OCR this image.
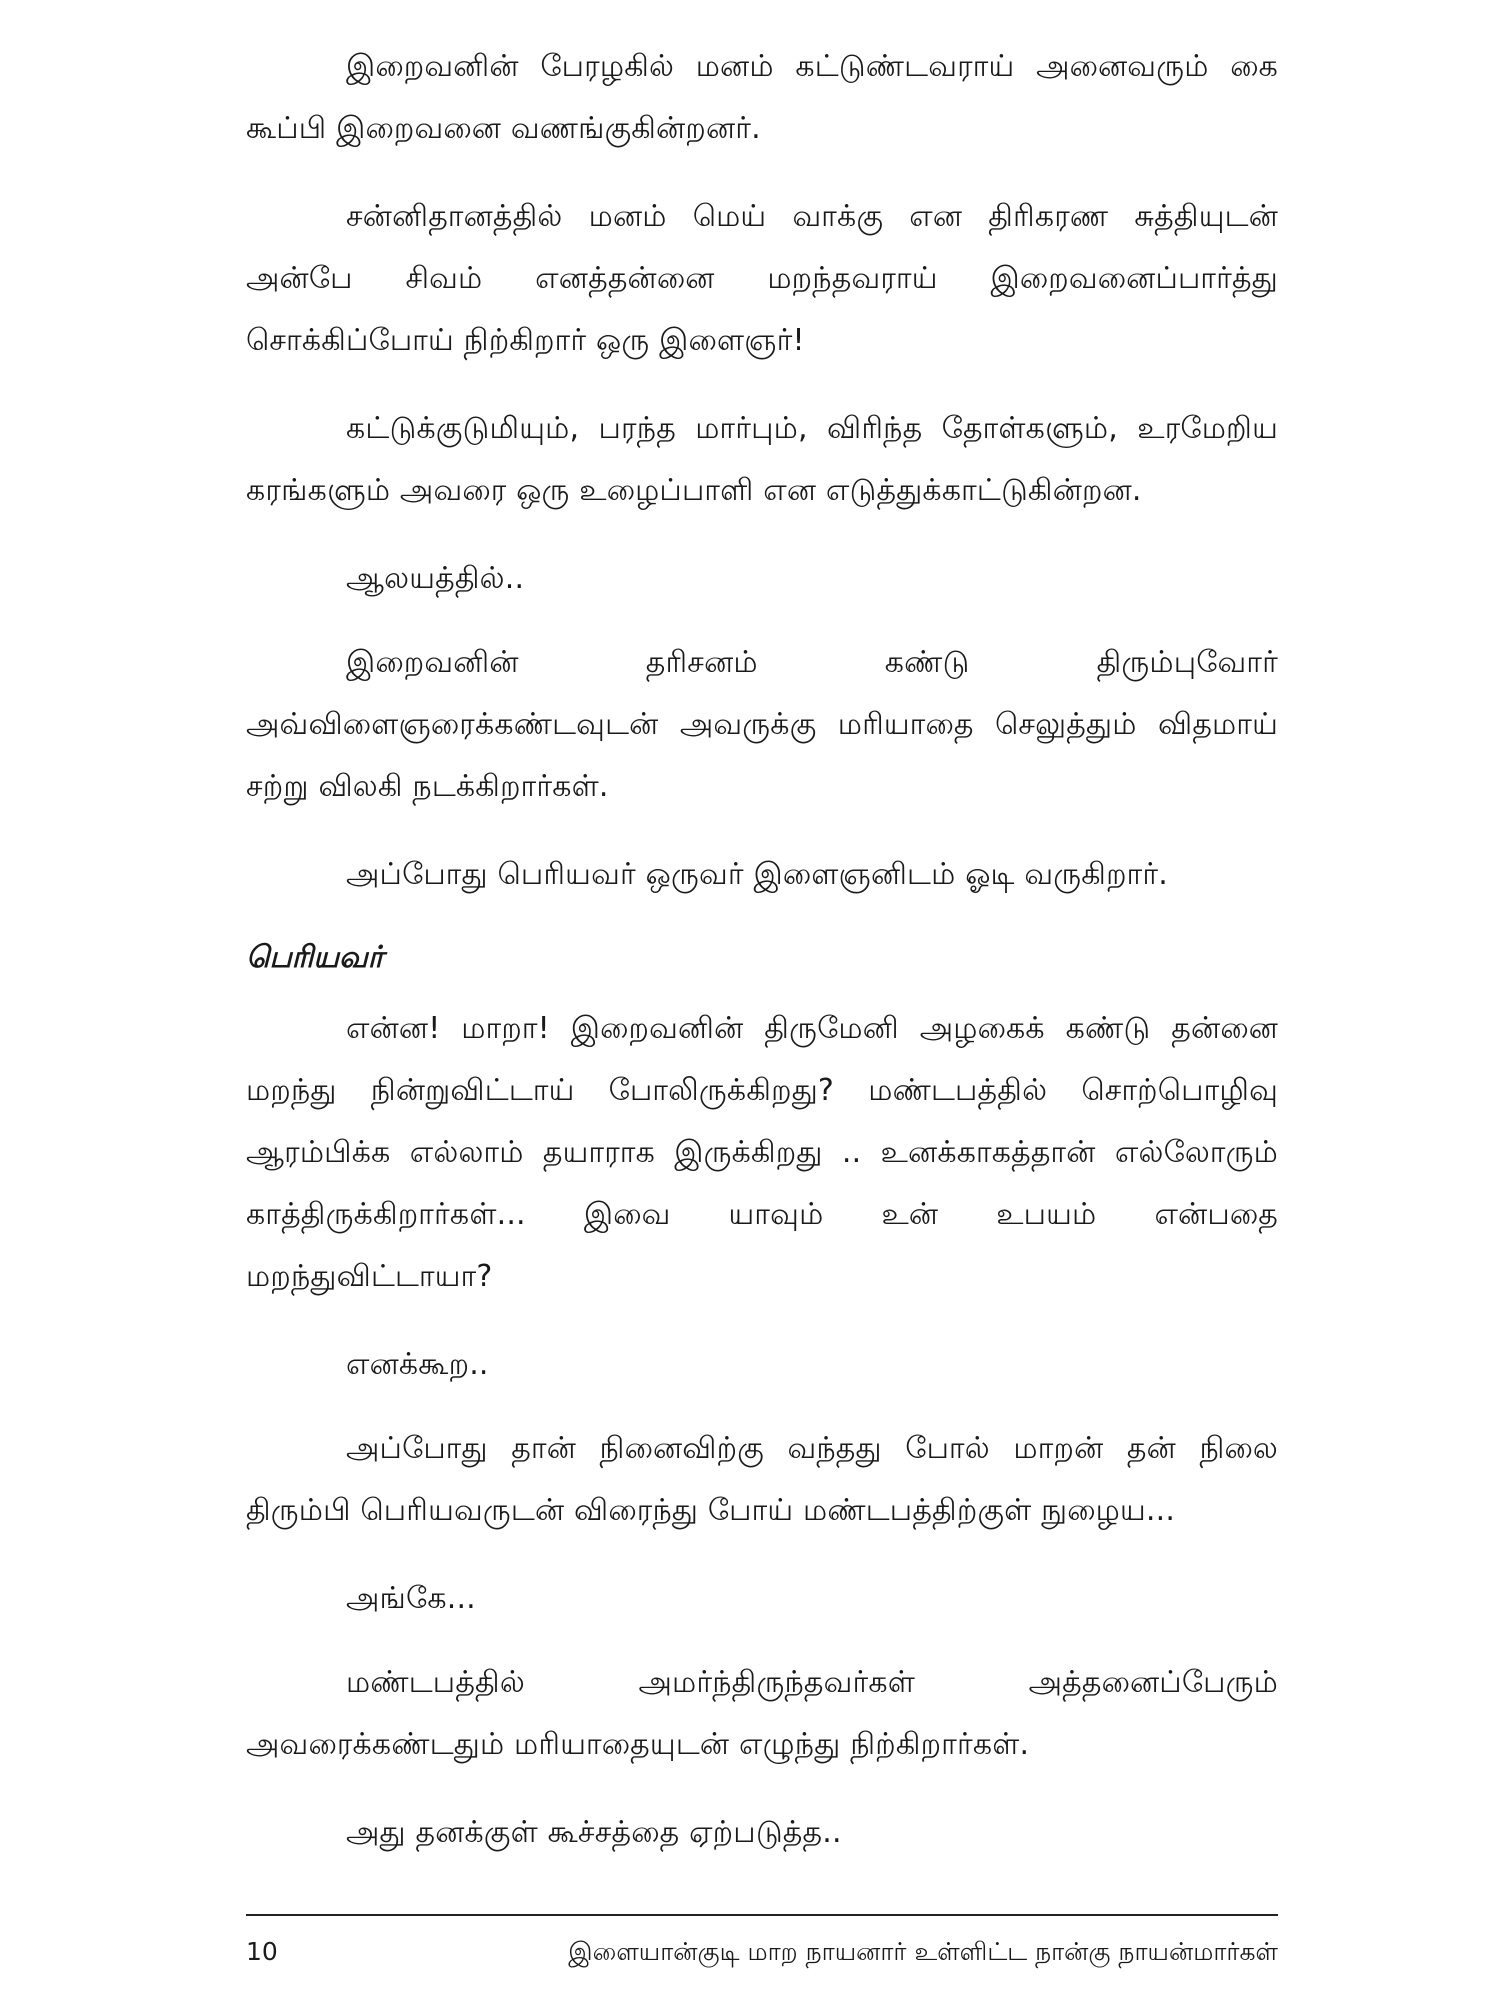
இறைவனின் பேரழகில் மனம் கட்டுண்டவராய் அனைவரும் கை கூப்பி இறைவனை வணங்குகின்றனர்.

சன்னிதானத்தில் மனம் மெய் வாக்கு என திரிகரண சுத்தியுடன் அன்பே சிவம் எனத்தன்னை மறந்தவராய் இறைவனைப்பார்த்து சொக்கிப்போய் நிற்கிறார் ஒரு இளைஞர்!

கட்டுக்குடுமியும், பரந்த மார்பும், விரிந்த தோள்களும், உரமேறிய கரங்களும் அவரை ஒரு உழைப்பாளி என எடுத்துக்காட்டுகின்றன.

ஆலயத்தில்..

இறைவனின் தரிசனம் கண்டு திரும்புவோர் அவ்விளைஞரைக்கண்டவுடன் அவருக்கு மரியாதை செலுத்தும் விதமாய் சற்று விலகி நடக்கிறார்கள்.

அப்போது பெரியவர் ஒருவர் இளைஞனிடம் ஓடி வருகிறார்.

பெரியவர்

என்ன! மாறா! இறைவனின் திருமேனி அழகைக் கண்டு தன்னை மறந்து நின்றுவிட்டாய் போலிருக்கிறது? மண்டபத்தில் சொற்பொழிவு ஆரம்பிக்க எல்லாம் தயாராக இருக்கிறது .. உனக்காகத்தான் எல்லோரும் காத்திருக்கிறார்கள்... இவை யாவும் உன் உபயம் என்பதை மறந்துவிட்டாயா?

எனக்கூற..

அப்போது தான் நினைவிற்கு வந்தது போல் மாறன் தன் நிலை திரும்பி பெரியவருடன் விரைந்து போய் மண்டபத்திற்குள் நுழைய...

அங்கே...

மண்டபத்தில் அமர்ந்திருந்தவர்கள் அத்தனைப்பேரும் அவரைக்கண்டதும் மரியாதையுடன் எழுந்து நிற்கிறார்கள்.

அது தனக்குள் கூச்சத்தை ஏற்படுத்த..

10	இளையான்குடி மாற நாயனார் உள்ளிட்ட நான்கு நாயன்மார்கள்
